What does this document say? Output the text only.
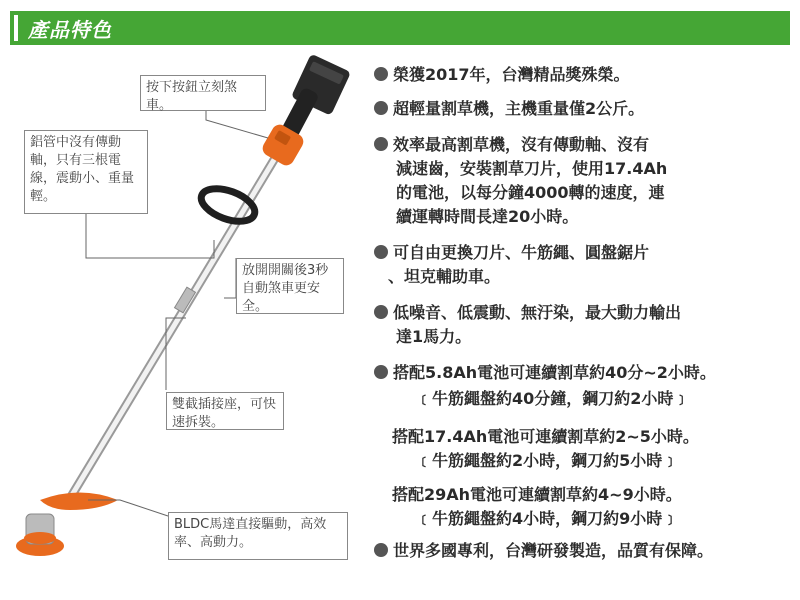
產品特色
按下按鈕立刻煞車。
鋁管中沒有傳動軸，只有三根電線，震動小、重量輕。
放開開關後3秒自動煞車更安全。
雙截插接座，可快速拆裝。
BLDC馬達直接驅動，高效率、高動力。
榮獲2017年，台灣精品獎殊榮。
超輕量割草機，主機重量僅2公斤。
效率最高割草機，沒有傳動軸、沒有
減速齒，安裝割草刀片，使用17.4Ah
的電池，以每分鐘4000轉的速度，連
續運轉時間長達20小時。
可自由更換刀片、牛筋繩、圓盤鋸片
、坦克輔助車。
低噪音、低震動、無汙染，最大動力輸出
達1馬力。
搭配5.8Ah電池可連續割草約40分~2小時。
﹝牛筋繩盤約40分鐘，鋼刀約2小時﹞
搭配17.4Ah電池可連續割草約2~5小時。
﹝牛筋繩盤約2小時，鋼刀約5小時﹞
搭配29Ah電池可連續割草約4~9小時。
﹝牛筋繩盤約4小時，鋼刀約9小時﹞
世界多國專利，台灣研發製造，品質有保障。
